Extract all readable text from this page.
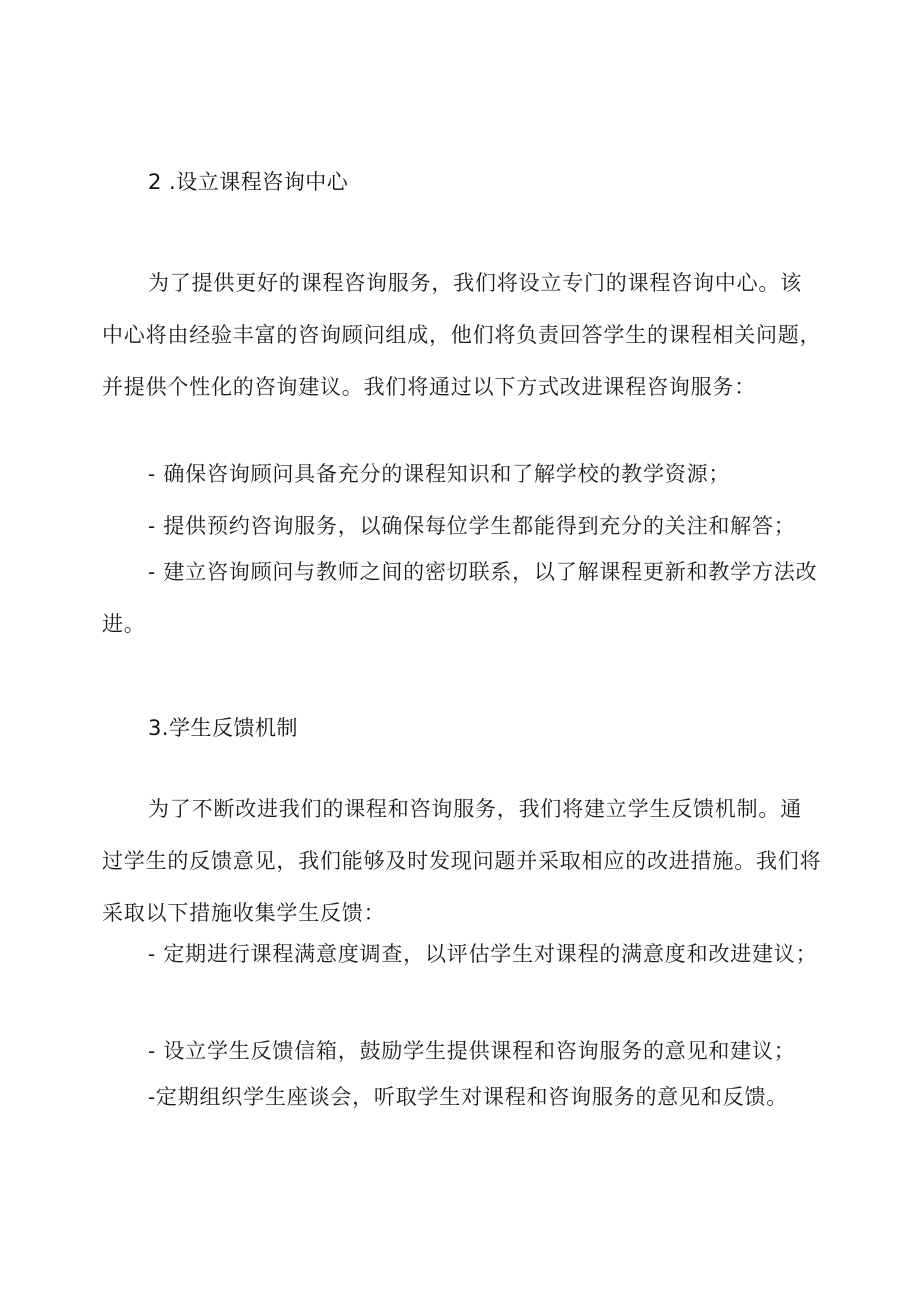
2 .设立课程咨询中心

为了提供更好的课程咨询服务，我们将设立专门的课程咨询中心。该中心将由经验丰富的咨询顾问组成，他们将负责回答学生的课程相关问题，并提供个性化的咨询建议。我们将通过以下方式改进课程咨询服务：

- 确保咨询顾问具备充分的课程知识和了解学校的教学资源；

- 提供预约咨询服务，以确保每位学生都能得到充分的关注和解答；

- 建立咨询顾问与教师之间的密切联系，以了解课程更新和教学方法改进。

3.学生反馈机制

为了不断改进我们的课程和咨询服务，我们将建立学生反馈机制。通过学生的反馈意见，我们能够及时发现问题并采取相应的改进措施。我们将采取以下措施收集学生反馈：

- 定期进行课程满意度调查，以评估学生对课程的满意度和改进建议；

- 设立学生反馈信箱，鼓励学生提供课程和咨询服务的意见和建议；

-定期组织学生座谈会，听取学生对课程和咨询服务的意见和反馈。
